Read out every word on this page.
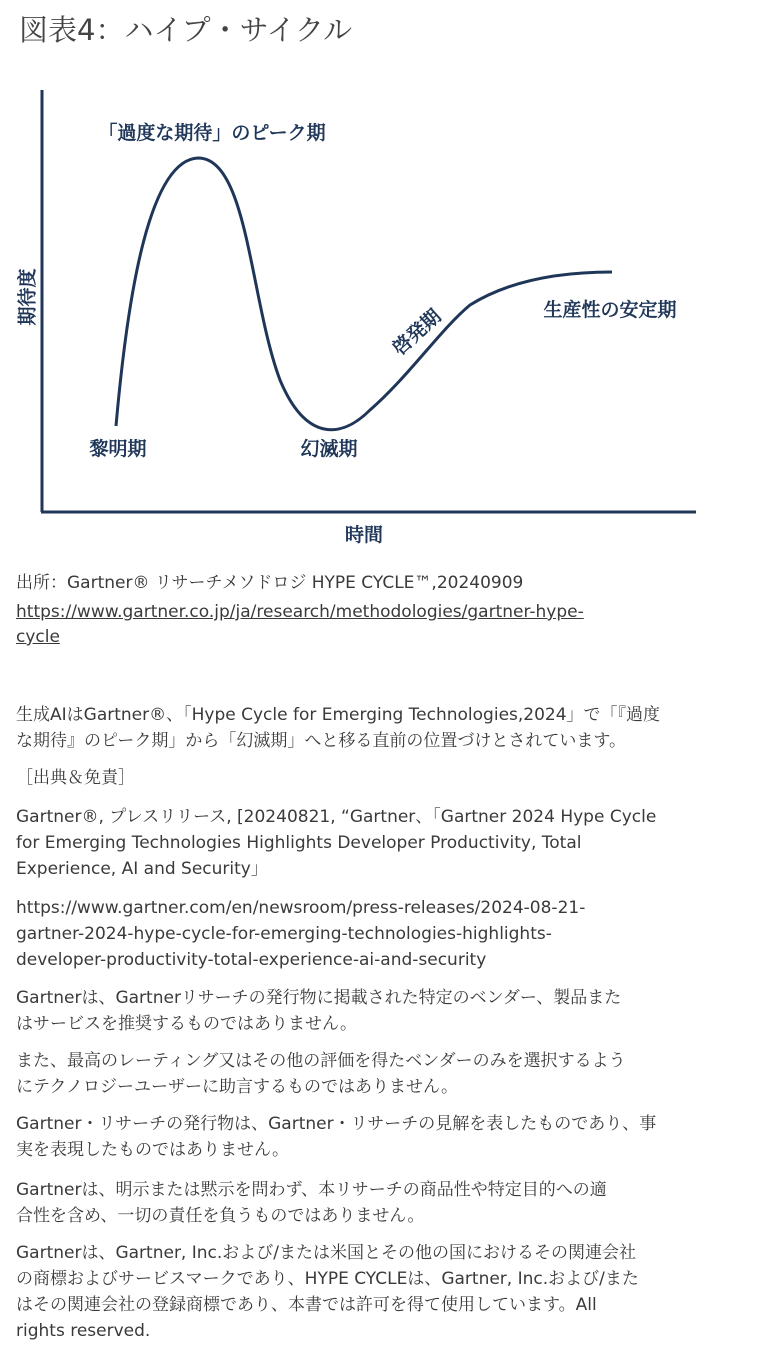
図表4：ハイプ・サイクル
期待度
時間
「過度な期待」のピーク期
黎明期	幻滅期
啓発期	生産性の安定期
出所：Gartner® リサーチメソドロジ HYPE CYCLE™,20240909
https://www.gartner.co.jp/ja/research/methodologies/gartner-hype-
cycle
生成AIはGartner®、「Hype Cycle for Emerging Technologies,2024」で「『過度
な期待』のピーク期」から「幻滅期」へと移る直前の位置づけとされています。
［出典＆免責］
Gartner®, プレスリリース, [20240821, “Gartner、「Gartner 2024 Hype Cycle
for Emerging Technologies Highlights Developer Productivity, Total
Experience, AI and Security」
https://www.gartner.com/en/newsroom/press-releases/2024-08-21-
gartner-2024-hype-cycle-for-emerging-technologies-highlights-
developer-productivity-total-experience-ai-and-security
Gartnerは、Gartnerリサーチの発行物に掲載された特定のベンダー、製品また
はサービスを推奨するものではありません。
また、最高のレーティング又はその他の評価を得たベンダーのみを選択するよう
にテクノロジーユーザーに助言するものではありません。
Gartner・リサーチの発行物は、Gartner・リサーチの見解を表したものであり、事
実を表現したものではありません。
Gartnerは、明示または黙示を問わず、本リサーチの商品性や特定目的への適
合性を含め、一切の責任を負うものではありません。
Gartnerは、Gartner, Inc.および/または米国とその他の国におけるその関連会社
の商標およびサービスマークであり、HYPE CYCLEは、Gartner, Inc.および/また
はその関連会社の登録商標であり、本書では許可を得て使用しています。All
rights reserved.
